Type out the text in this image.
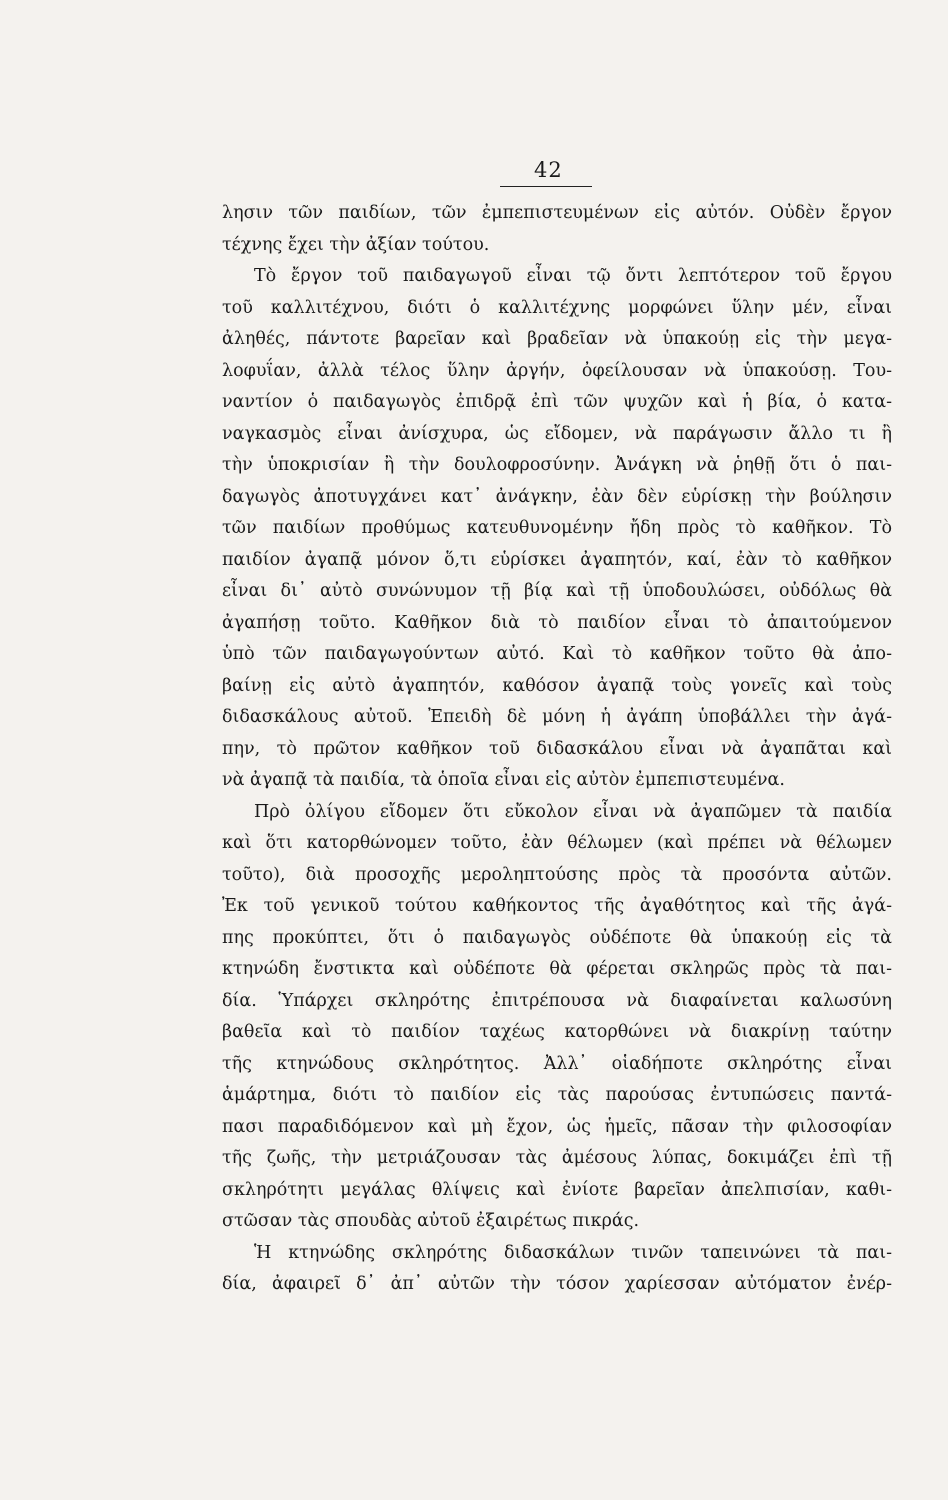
42
λησιν τῶν παιδίων, τῶν ἐμπεπιστευμένων εἰς αὐτόν. Οὐδὲν ἔργον
τέχνης ἔχει τὴν ἀξίαν τούτου.
Τὸ ἔργον τοῦ παιδαγωγοῦ εἶναι τῷ ὄντι λεπτότερον τοῦ ἔργου
τοῦ καλλιτέχνου, διότι ὁ καλλιτέχνης μορφώνει ὕλην μέν, εἶναι
ἀληθές, πάντοτε βαρεῖαν καὶ βραδεῖαν νὰ ὑπακούῃ εἰς τὴν μεγα-
λοφυΐαν, ἀλλὰ τέλος ὕλην ἀργήν, ὀφείλουσαν νὰ ὑπακούσῃ. Του-
ναντίον ὁ παιδαγωγὸς ἐπιδρᾷ ἐπὶ τῶν ψυχῶν καὶ ἡ βία, ὁ κατα-
ναγκασμὸς εἶναι ἀνίσχυρα, ὡς εἴδομεν, νὰ παράγωσιν ἄλλο τι ἢ
τὴν ὑποκρισίαν ἢ τὴν δουλοφροσύνην. Ἀνάγκη νὰ ῥηθῇ ὅτι ὁ παι-
δαγωγὸς ἀποτυγχάνει κατ᾽ ἀνάγκην, ἐὰν δὲν εὑρίσκῃ τὴν βούλησιν
τῶν παιδίων προθύμως κατευθυνομένην ἤδη πρὸς τὸ καθῆκον. Τὸ
παιδίον ἀγαπᾷ μόνον ὅ,τι εὑρίσκει ἀγαπητόν, καί, ἐὰν τὸ καθῆκον
εἶναι δι᾽ αὐτὸ συνώνυμον τῇ βίᾳ καὶ τῇ ὑποδουλώσει, οὐδόλως θὰ
ἀγαπήσῃ τοῦτο. Καθῆκον διὰ τὸ παιδίον εἶναι τὸ ἀπαιτούμενον
ὑπὸ τῶν παιδαγωγούντων αὐτό. Καὶ τὸ καθῆκον τοῦτο θὰ ἀπο-
βαίνῃ εἰς αὐτὸ ἀγαπητόν, καθόσον ἀγαπᾷ τοὺς γονεῖς καὶ τοὺς
διδασκάλους αὐτοῦ. Ἐπειδὴ δὲ μόνη ἡ ἀγάπη ὑποβάλλει τὴν ἀγά-
πην, τὸ πρῶτον καθῆκον τοῦ διδασκάλου εἶναι νὰ ἀγαπᾶται καὶ
νὰ ἀγαπᾷ τὰ παιδία, τὰ ὁποῖα εἶναι εἰς αὐτὸν ἐμπεπιστευμένα.
Πρὸ ὀλίγου εἴδομεν ὅτι εὔκολον εἶναι νὰ ἀγαπῶμεν τὰ παιδία
καὶ ὅτι κατορθώνομεν τοῦτο, ἐὰν θέλωμεν (καὶ πρέπει νὰ θέλωμεν
τοῦτο), διὰ προσοχῆς μεροληπτούσης πρὸς τὰ προσόντα αὐτῶν.
Ἐκ τοῦ γενικοῦ τούτου καθήκοντος τῆς ἀγαθότητος καὶ τῆς ἀγά-
πης προκύπτει, ὅτι ὁ παιδαγωγὸς οὐδέποτε θὰ ὑπακούῃ εἰς τὰ
κτηνώδη ἔνστικτα καὶ οὐδέποτε θὰ φέρεται σκληρῶς πρὸς τὰ παι-
δία. Ὑπάρχει σκληρότης ἐπιτρέπουσα νὰ διαφαίνεται καλωσύνη
βαθεῖα καὶ τὸ παιδίον ταχέως κατορθώνει νὰ διακρίνῃ ταύτην
τῆς κτηνώδους σκληρότητος. Ἀλλ᾽ οἱαδήποτε σκληρότης εἶναι
ἁμάρτημα, διότι τὸ παιδίον εἰς τὰς παρούσας ἐντυπώσεις παντά-
πασι παραδιδόμενον καὶ μὴ ἔχον, ὡς ἡμεῖς, πᾶσαν τὴν φιλοσοφίαν
τῆς ζωῆς, τὴν μετριάζουσαν τὰς ἀμέσους λύπας, δοκιμάζει ἐπὶ τῇ
σκληρότητι μεγάλας θλίψεις καὶ ἐνίοτε βαρεῖαν ἀπελπισίαν, καθι-
στῶσαν τὰς σπουδὰς αὐτοῦ ἐξαιρέτως πικράς.
Ἡ κτηνώδης σκληρότης διδασκάλων τινῶν ταπεινώνει τὰ παι-
δία, ἀφαιρεῖ δ᾽ ἀπ᾽ αὐτῶν τὴν τόσον χαρίεσσαν αὐτόματον ἐνέρ-
